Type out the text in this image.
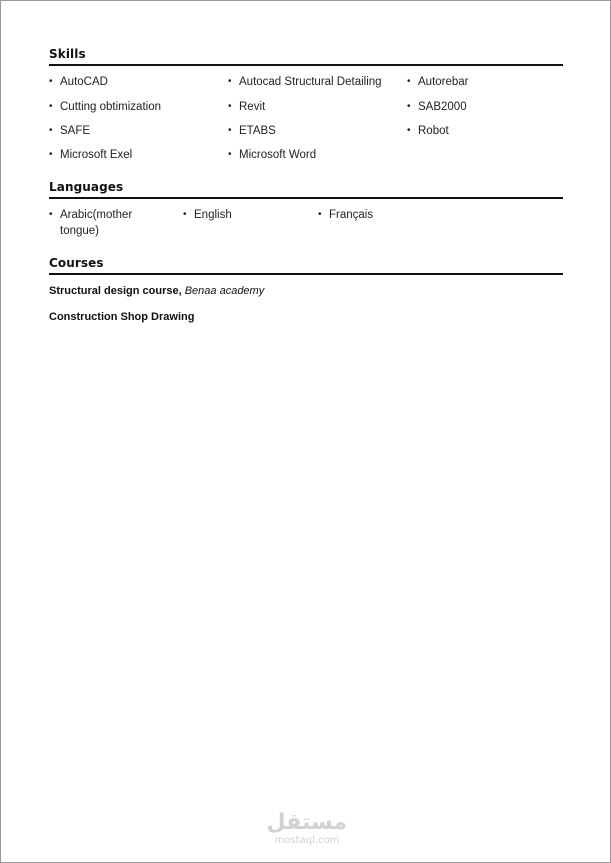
Skills
• AutoCAD	• Autocad Structural Detailing	• Autorebar
• Cutting obtimization	• Revit	• SAB2000
• SAFE	• ETABS	• Robot
• Microsoft Exel	• Microsoft Word
Languages
• Arabic(mother tongue)
• English	• Français
Courses
Structural design course, Benaa academy
Construction Shop Drawing
مستقل
mostaql.com
